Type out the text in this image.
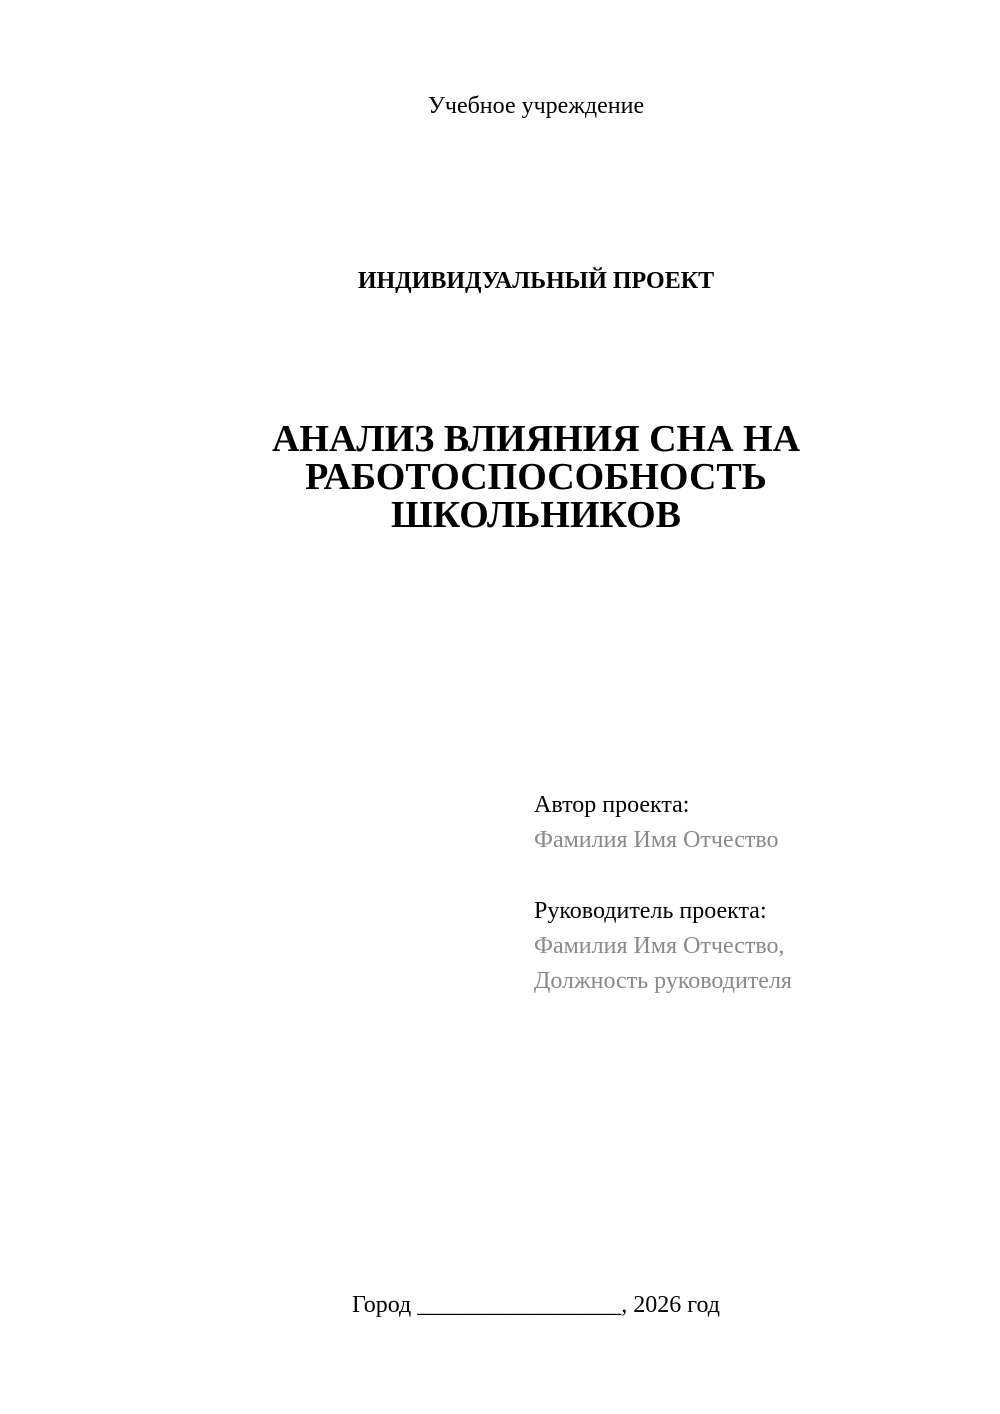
Учебное учреждение
ИНДИВИДУАЛЬНЫЙ ПРОЕКТ
АНАЛИЗ ВЛИЯНИЯ СНА НА
РАБОТОСПОСОБНОСТЬ
ШКОЛЬНИКОВ
Автор проекта:
Фамилия Имя Отчество
Руководитель проекта:
Фамилия Имя Отчество,
Должность руководителя
Город _________________, 2026 год
